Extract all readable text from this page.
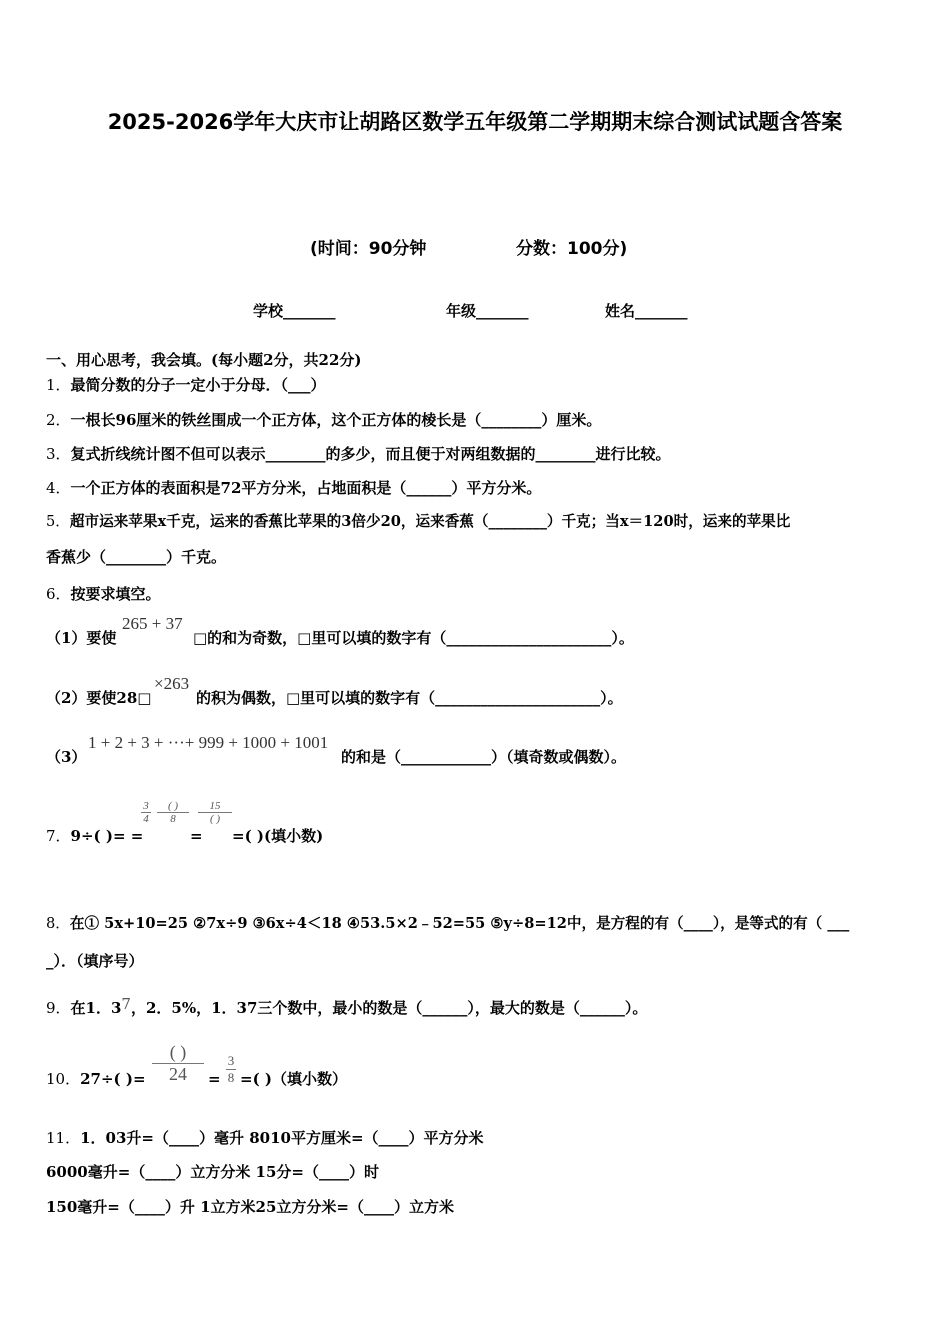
2025-2026学年大庆市让胡路区数学五年级第二学期期末综合测试试题含答案
(时间：90分钟	分数：100分)
学校_______	年级_______	姓名_______
一、用心思考，我会填。(每小题2分，共22分)
1．最简分数的分子一定小于分母．（___）
2．一根长96厘米的铁丝围成一个正方体，这个正方体的棱长是（________）厘米。
3．复式折线统计图不但可以表示________的多少，而且便于对两组数据的________进行比较。
4．一个正方体的表面积是72平方分米，占地面积是（______）平方分米。
5．超市运来苹果x千克，运来的香蕉比苹果的3倍少20，运来香蕉（________）千克；当x＝120时，运来的苹果比
香蕉少（________）千克。
6．按要求填空。
（1）要使
265 + 37
□的和为奇数，□里可以填的数字有（______________________）。
（2）要使28□
×263
的积为偶数，□里可以填的数字有（______________________）。
（3）
1 + 2 + 3 + ···+ 999 + 1000 + 1001
的和是（____________）（填奇数或偶数）。
7．9÷( )= =
$\frac{3}{4}$	( )
8
=
15
( )
=( )(填小数)
8．在① 5x+10=25 ②7x÷9 ③6x÷4＜18 ④53.5×2﹣52=55 ⑤y÷8=12中，是方程的有（____），是等式的有（ ___
_）．（填序号）
9．在1．37，2．5%，1．37三个数中，最小的数是（______），最大的数是（______）。
10．27÷( )=
( )
24	= $\frac{3}{8}$ =( )（填小数）
11．1．03升=（____）毫升 8010平方厘米=（____）平方分米
6000毫升=（____）立方分米 15分=（____）时
150毫升=（____）升 1立方米25立方分米=（____）立方米
